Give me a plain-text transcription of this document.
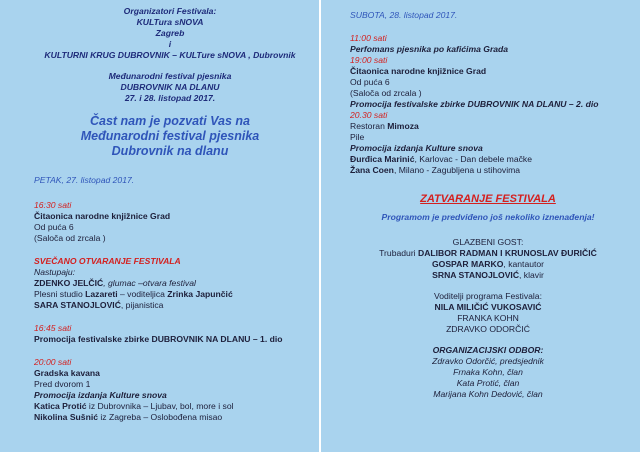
Organizatori Festivala:
KULTura sNOVA
Zagreb
i
KULTURNI KRUG DUBROVNIK – KULTure sNOVA , Dubrovnik
Međunarodni festival pjesnika
DUBROVNIK NA DLANU
27. i 28. listopad 2017.
Čast nam je pozvati Vas na
Međunarodni festival pjesnika
Dubrovnik na dlanu
PETAK, 27. listopad 2017.
16:30 sati
Čitaonica narodne knjižnice Grad
Od puća 6
(Saloča od zrcala )
SVEČANO OTVARANJE FESTIVALA
Nastupaju:
ZDENKO JELČIĆ, glumac –otvara festival
Plesni studio Lazareti – voditeljica Zrinka Japunčić
SARA STANOJLOVIĆ, pijanistica
16:45 sati
Promocija festivalske zbirke DUBROVNIK NA DLANU – 1. dio
20:00 sati
Gradska kavana
Pred dvorom 1
Promocija izdanja Kulture snova
Katica Protić iz Dubrovnika – Ljubav, bol, more i sol
Nikolina Sušnić iz Zagreba – Oslobođena misao
SUBOTA, 28. listopad 2017.
11:00 sati
Perfomans pjesnika po kafićima Grada
19:00 sati
Čitaonica narodne knjižnice Grad
Od puća 6
(Saloča od zrcala )
Promocija festivalske zbirke DUBROVNIK NA DLANU – 2. dio
20.30 sati
Restoran Mimoza
Pile
Promocija izdanja Kulture snova
Đurđica Marinić, Karlovac - Dan debele mačke
Žana Coen, Milano - Zagubljena u stihovima
ZATVARANJE FESTIVALA
Programom je predviđeno još nekoliko iznenađenja!
GLAZBENI GOST:
Trubaduri DALIBOR RADMAN I KRUNOSLAV ĐURIČIĆ
GOSPAR MARKO, kantautor
SRNA STANOJLOVIĆ, klavir
Voditelji programa Festivala:
NILA MILIČIĆ VUKOSAVIĆ
FRANKA KOHN
ZDRAVKO ODORČIĆ
ORGANIZACIJSKI ODBOR:
Zdravko Odorčić, predsjednik
Frnaka Kohn, član
Kata Protić, član
Marijana Kohn Dedović, član
